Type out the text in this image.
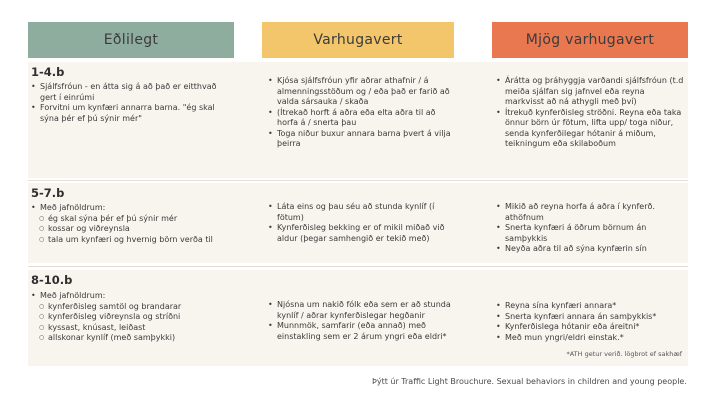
Eðlilegt	Varhugavert	Mjög varhugavert
1-4.b
• Sjálfsfróun - en átta sig á að það er eitthvað gert í einrúmi
• Forvitni um kynfæri annarra barna. "ég skal sýna þér ef þú sýnir mér"
• Kjósa sjálfsfróun yfir aðrar athafnir / á almenningsstöðum og / eða það er farið að valda sársauka / skaða
• (Ítrekað horft á aðra eða elta aðra til að horfa á / snerta þau
• Toga niður buxur annara barna þvert á vilja þeirra
• Árátta og þráhyggja varðandi sjálfsfróun (t.d meiða sjálfan sig jafnvel eða reyna markvisst að ná athygli með því)
• Ítrekuð kynferðisleg ströðni. Reyna eða taka önnur börn úr fötum, lifta upp/ toga niður, senda kynferðilegar hótanir á miðum, teikningum eða skilaboðum
5-7.b
• Með jafnöldrum:
○ ég skal sýna þér ef þú sýnir mér
○ kossar og viðreynsla
○ tala um kynfæri og hvernig börn verða til
• Láta eins og þau séu að stunda kynlíf (í fötum)
• Kynferðisleg bekking er of mikil miðað við aldur (þegar samhengið er tekið með)
• Mikið að reyna horfa á aðra í kynferð. athöfnum
• Snerta kynfæri á öðrum börnum án samþykkis
• Neyða aðra til að sýna kynfærin sín
8-10.b
• Með jafnöldrum:
○ kynferðisleg samtöl og brandarar
○ kynferðisleg viðreynsla og stríðni
○ kyssast, knúsast, leiðast
○ allskonar kynlíf (með samþykki)
• Njósna um nakið fólk eða sem er að stunda kynlíf / aðrar kynferðislegar hegðanir
• Munnmök, samfarir (eða annað) með einstakling sem er 2 árum yngri eða eldri*
• Reyna sína kynfæri annara*
• Snerta kynfæri annara án samþykkis*
• Kynferðislega hótanir eða áreitni*
• Með mun yngri/eldri einstak.*
*ATH getur verið. lögbrot ef sakhæf
Þýtt úr Traffic Light Brouchure. Sexual behaviors in children and young people.
